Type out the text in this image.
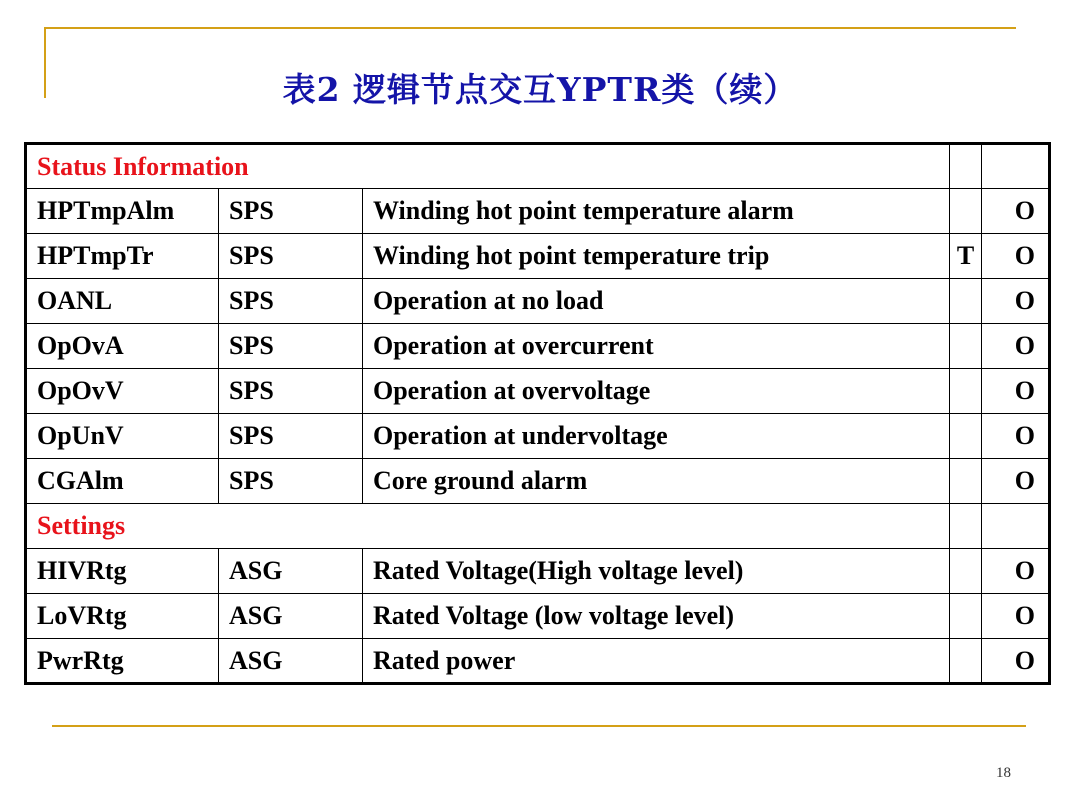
表2 逻辑节点交互YPTR类（续）
Status Information				
HPTmpAlm	SPS	Winding hot point temperature alarm		O
HPTmpTr	SPS	Winding hot point temperature trip	T	O
OANL	SPS	Operation at no load		O
OpOvA	SPS	Operation at overcurrent		O
OpOvV	SPS	Operation at overvoltage		O
OpUnV	SPS	Operation at undervoltage		O
CGAlm	SPS	Core ground alarm		O
Settings				
HIVRtg	ASG	Rated Voltage(High voltage level)		O
LoVRtg	ASG	Rated Voltage (low voltage level)		O
PwrRtg	ASG	Rated power		O
18
